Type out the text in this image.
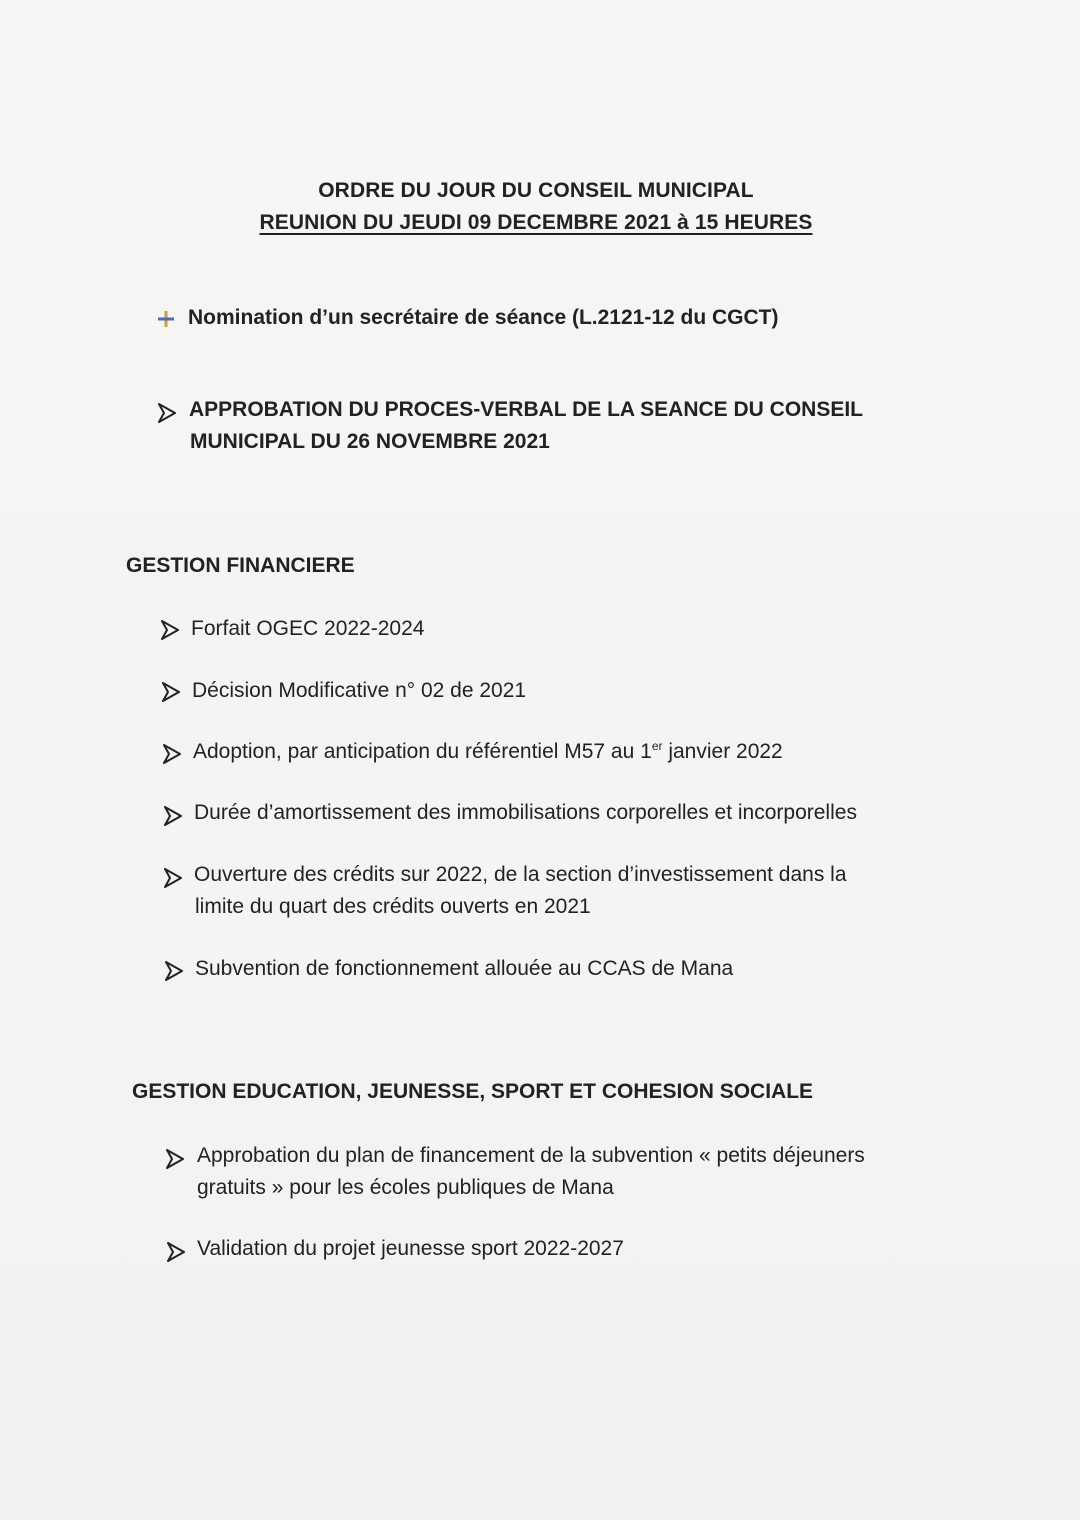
ORDRE DU JOUR DU CONSEIL MUNICIPAL
REUNION DU JEUDI 09 DECEMBRE 2021 à 15 HEURES
Nomination d’un secrétaire de séance (L.2121-12 du CGCT)
APPROBATION DU PROCES-VERBAL DE LA SEANCE DU CONSEIL
MUNICIPAL DU 26 NOVEMBRE 2021
GESTION FINANCIERE
Forfait OGEC 2022-2024
Décision Modificative n° 02 de 2021
Adoption, par anticipation du référentiel M57 au 1er janvier 2022
Durée d’amortissement des immobilisations corporelles et incorporelles
Ouverture des crédits sur 2022, de la section d’investissement dans la
limite du quart des crédits ouverts en 2021
Subvention de fonctionnement allouée au CCAS de Mana
GESTION EDUCATION, JEUNESSE, SPORT ET COHESION SOCIALE
Approbation du plan de financement de la subvention « petits déjeuners
gratuits » pour les écoles publiques de Mana
Validation du projet jeunesse sport 2022-2027
